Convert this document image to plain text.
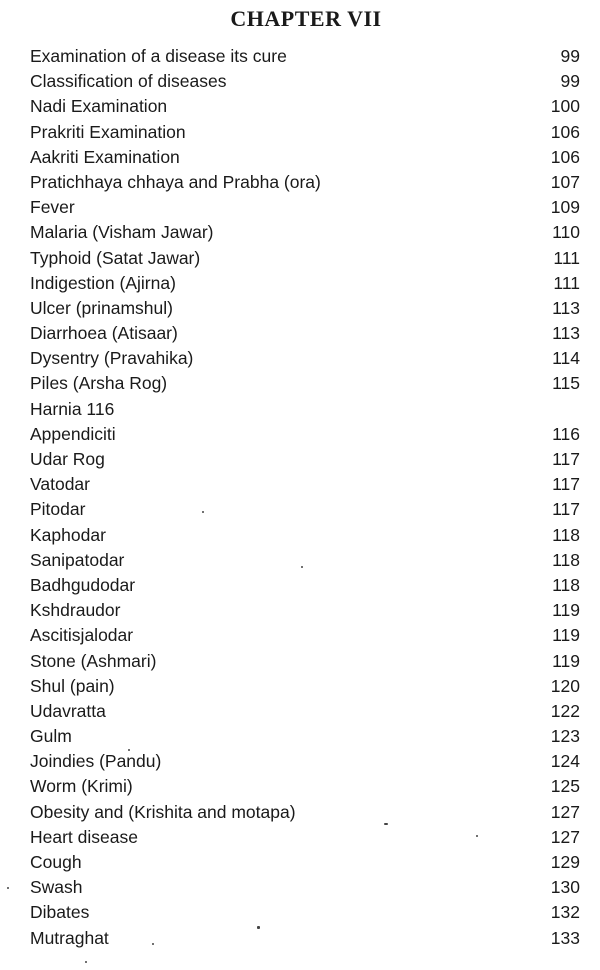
CHAPTER VII
Examination of a disease its cure	99
Classification of diseases	99
Nadi Examination	100
Prakriti Examination	106
Aakriti Examination	106
Pratichhaya chhaya and Prabha (ora)	107
Fever	109
Malaria (Visham Jawar)	110
Typhoid (Satat Jawar)	111
Indigestion (Ajirna)	111
Ulcer (prinamshul)	113
Diarrhoea (Atisaar)	113
Dysentry (Pravahika)	114
Piles (Arsha Rog)	115
Harnia 116
Appendiciti	116
Udar Rog	117
Vatodar	117
Pitodar	117
Kaphodar	118
Sanipatodar	118
Badhgudodar	118
Kshdraudor	119
Ascitisjalodar	119
Stone (Ashmari)	119
Shul (pain)	120
Udavratta	122
Gulm	123
Joindies (Pandu)	124
Worm (Krimi)	125
Obesity and (Krishita and motapa)	127
Heart disease	127
Cough	129
Swash	130
Dibates	132
Mutraghat	133
